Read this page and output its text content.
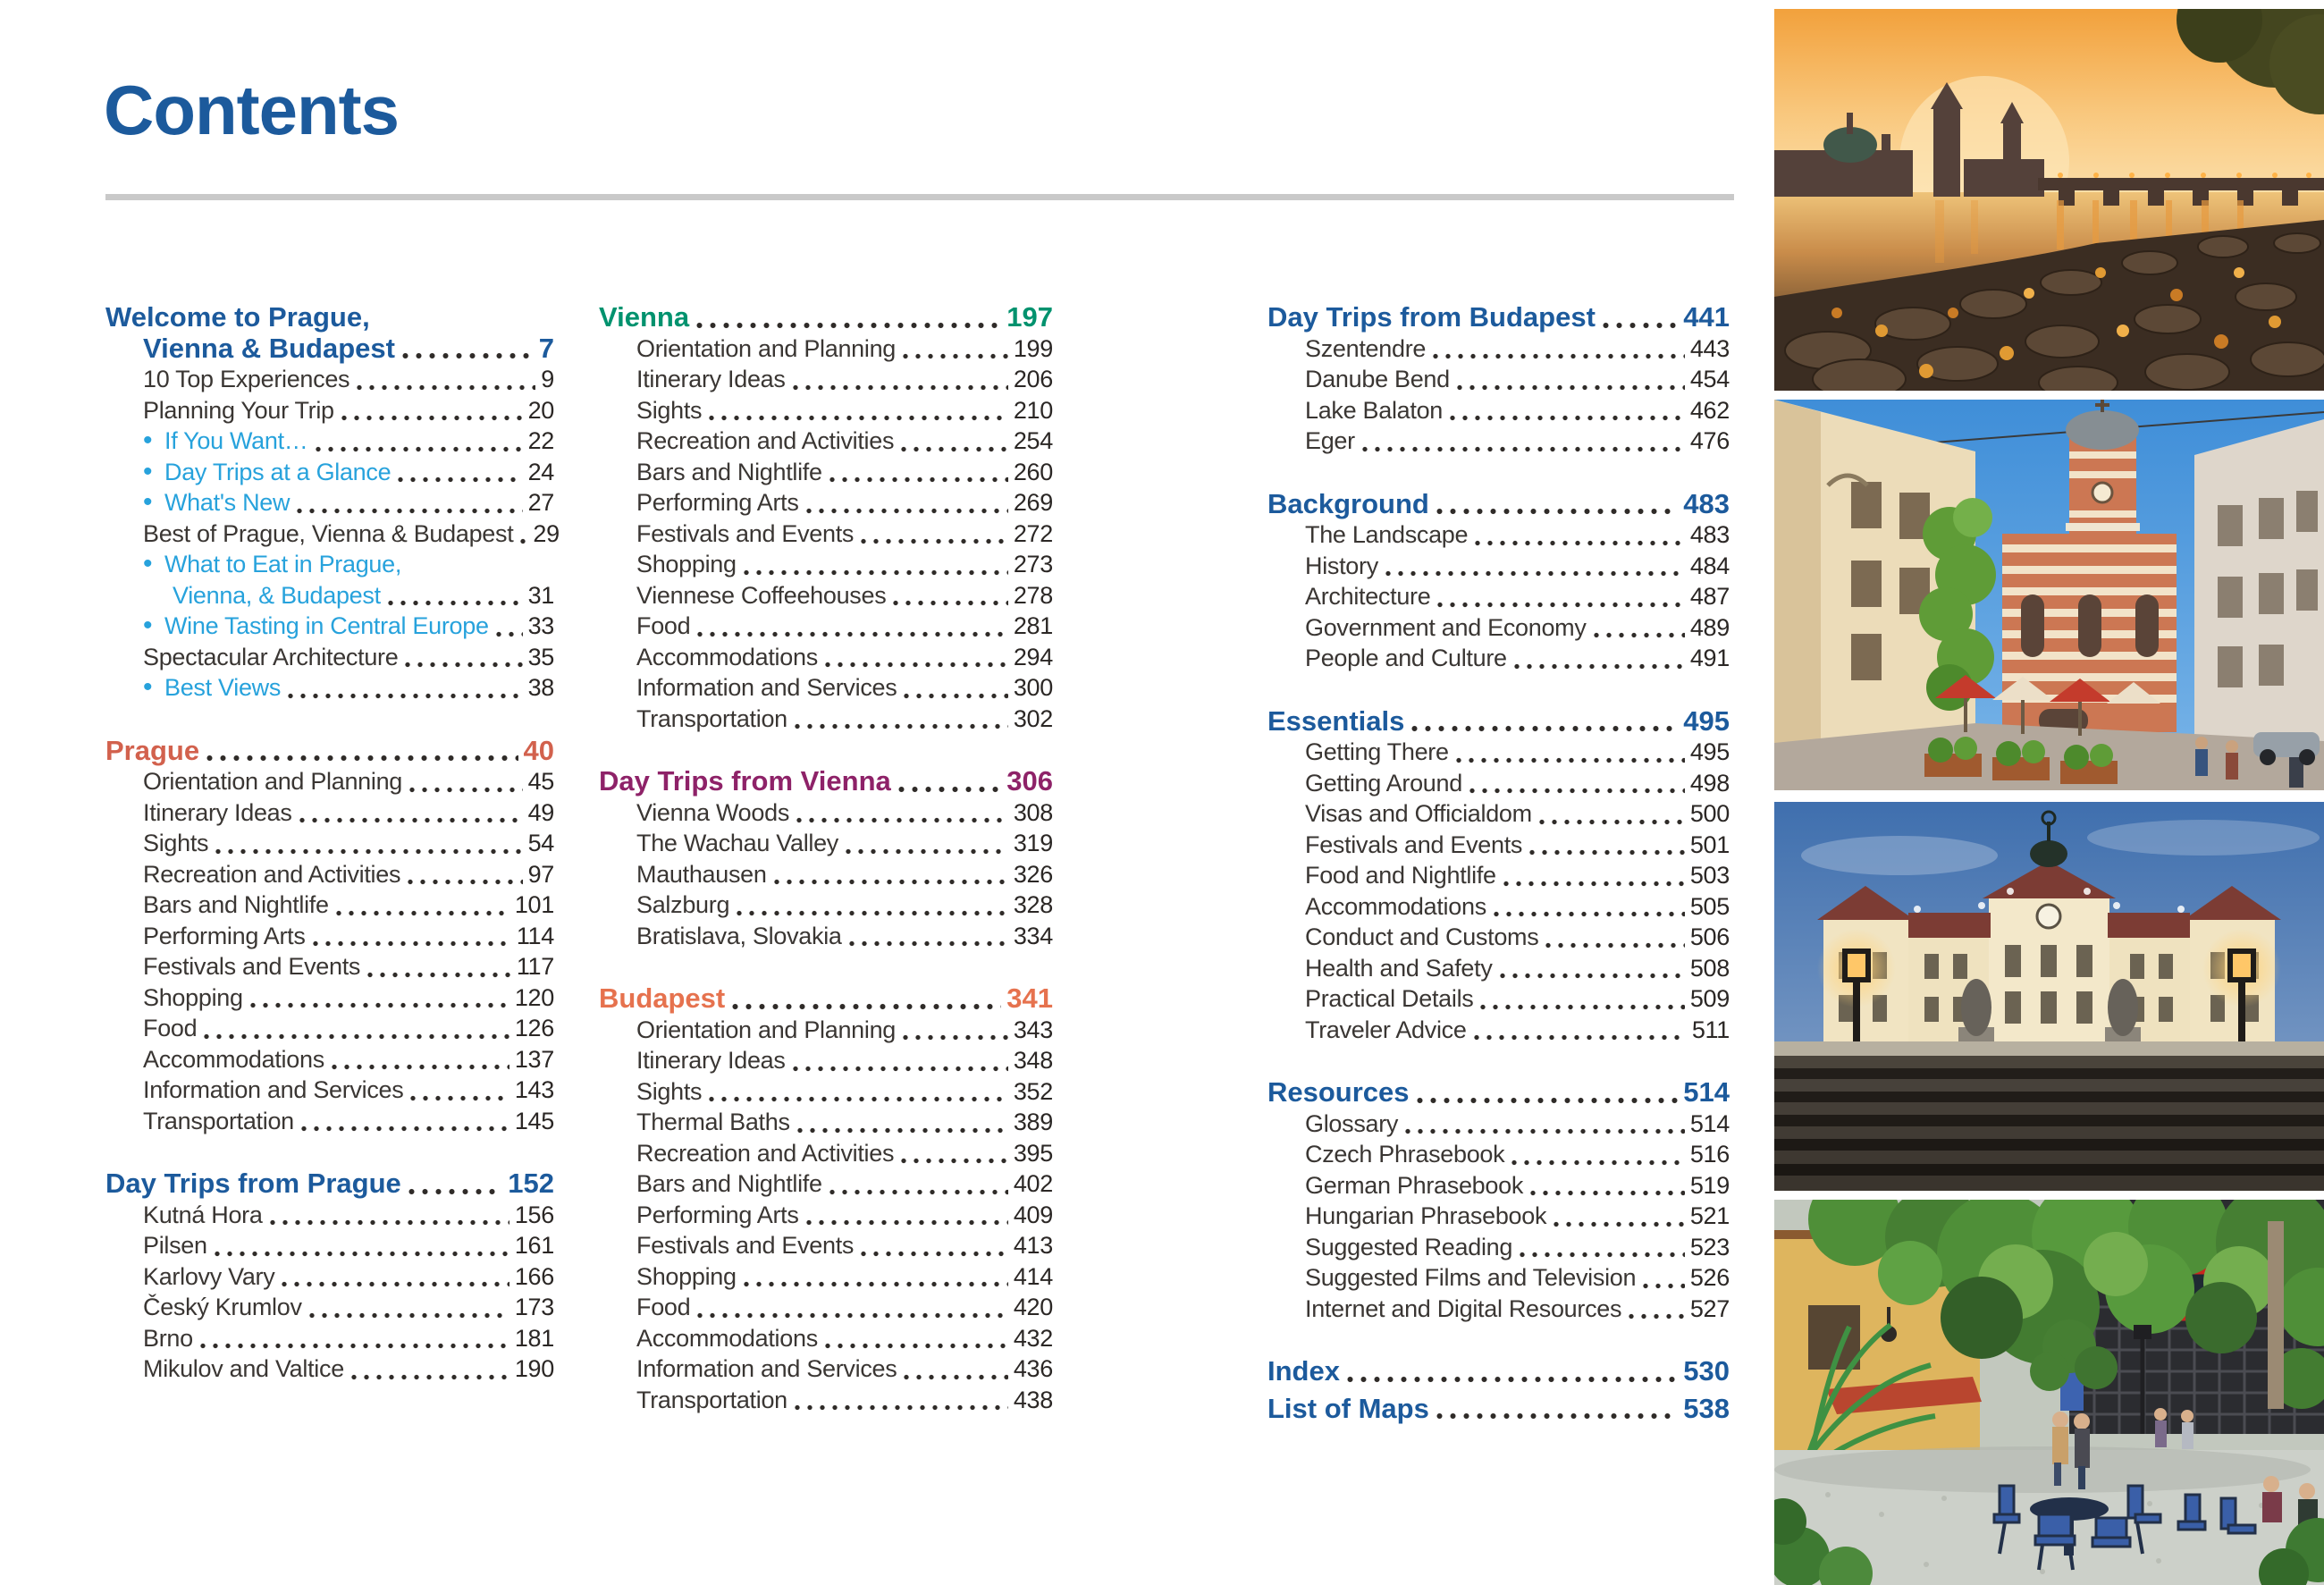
Contents
Welcome to Prague,
Vienna & Budapest	7
10 Top Experiences	9
Planning Your Trip	20
•
If You Want…	22
•
Day Trips at a Glance	24
•
What's New	27
Best of Prague, Vienna & Budapest 29
•
What to Eat in Prague,
Vienna, & Budapest	31
•
Wine Tasting in Central Europe 33
Spectacular Architecture	35
•
Best Views	38
Prague	40
Orientation and Planning	45
Itinerary Ideas	49
Sights	54
Recreation and Activities	97
Bars and Nightlife	101
Performing Arts	114
Festivals and Events	117
Shopping	120
Food	126
Accommodations	137
Information and Services	143
Transportation	145
Day Trips from Prague	152
Kutná Hora	156
Pilsen	161
Karlovy Vary	166
Český Krumlov	173
Brno	181
Mikulov and Valtice	190
Vienna	197
Orientation and Planning	199
Itinerary Ideas	206
Sights	210
Recreation and Activities	254
Bars and Nightlife	260
Performing Arts	269
Festivals and Events	272
Shopping	273
Viennese Coffeehouses	278
Food	281
Accommodations	294
Information and Services	300
Transportation	302
Day Trips from Vienna	306
Vienna Woods	308
The Wachau Valley	319
Mauthausen	326
Salzburg	328
Bratislava, Slovakia	334
Budapest	341
Orientation and Planning	343
Itinerary Ideas	348
Sights	352
Thermal Baths	389
Recreation and Activities	395
Bars and Nightlife	402
Performing Arts	409
Festivals and Events	413
Shopping	414
Food	420
Accommodations	432
Information and Services	436
Transportation	438
Day Trips from Budapest	441
Szentendre	443
Danube Bend	454
Lake Balaton	462
Eger	476
Background	483
The Landscape	483
History	484
Architecture	487
Government and Economy	489
People and Culture	491
Essentials	495
Getting There	495
Getting Around	498
Visas and Officialdom	500
Festivals and Events	501
Food and Nightlife	503
Accommodations	505
Conduct and Customs	506
Health and Safety	508
Practical Details	509
Traveler Advice	511
Resources	514
Glossary	514
Czech Phrasebook	516
German Phrasebook	519
Hungarian Phrasebook	521
Suggested Reading	523
Suggested Films and Television 526
Internet and Digital Resources	527
Index	530
List of Maps	538
